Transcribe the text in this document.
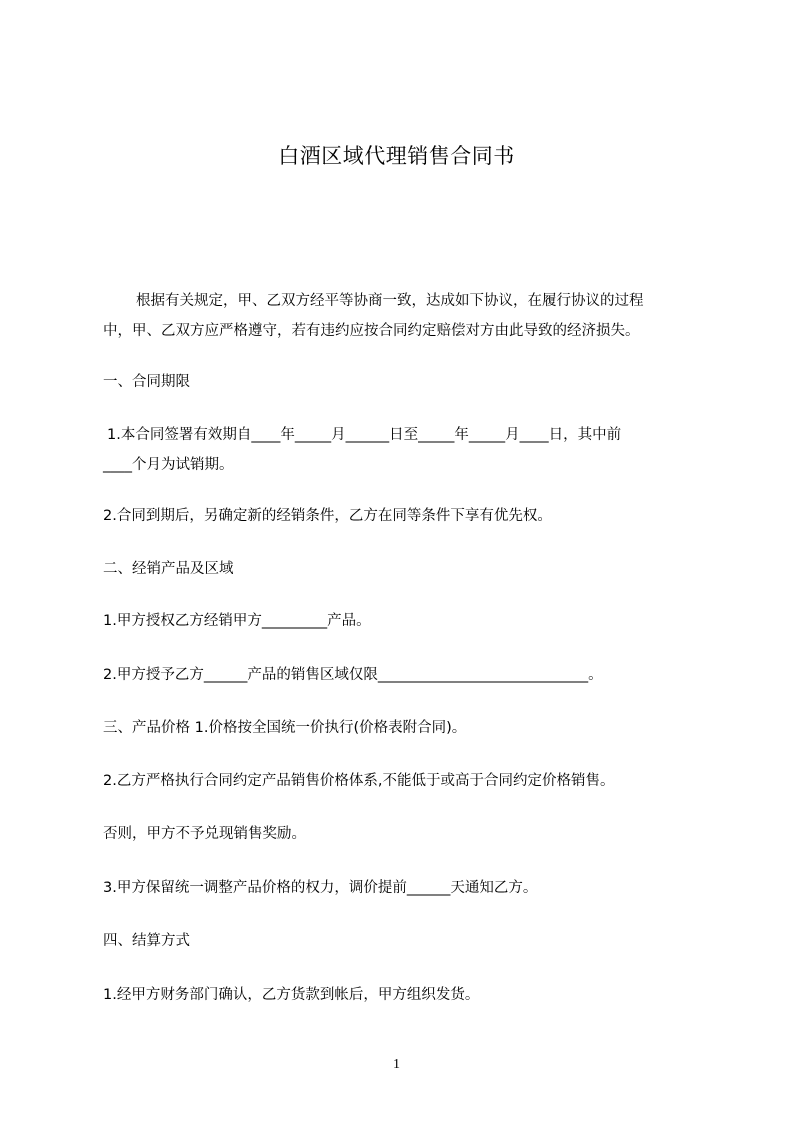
白酒区域代理销售合同书
根据有关规定，甲、乙双方经平等协商一致，达成如下协议，在履行协议的过程
中，甲、乙双方应严格遵守，若有违约应按合同约定赔偿对方由此导致的经济损失。
一、合同期限
1.本合同签署有效期自____年_____月______日至_____年_____月____日，其中前
____个月为试销期。
2.合同到期后，另确定新的经销条件，乙方在同等条件下享有优先权。
二、经销产品及区域
1.甲方授权乙方经销甲方_________产品。
2.甲方授予乙方______产品的销售区域仅限_____________________________。
三、产品价格 1.价格按全国统一价执行(价格表附合同)。
2.乙方严格执行合同约定产品销售价格体系,不能低于或高于合同约定价格销售。
否则，甲方不予兑现销售奖励。
3.甲方保留统一调整产品价格的权力，调价提前______天通知乙方。
四、结算方式
1.经甲方财务部门确认，乙方货款到帐后，甲方组织发货。
1
